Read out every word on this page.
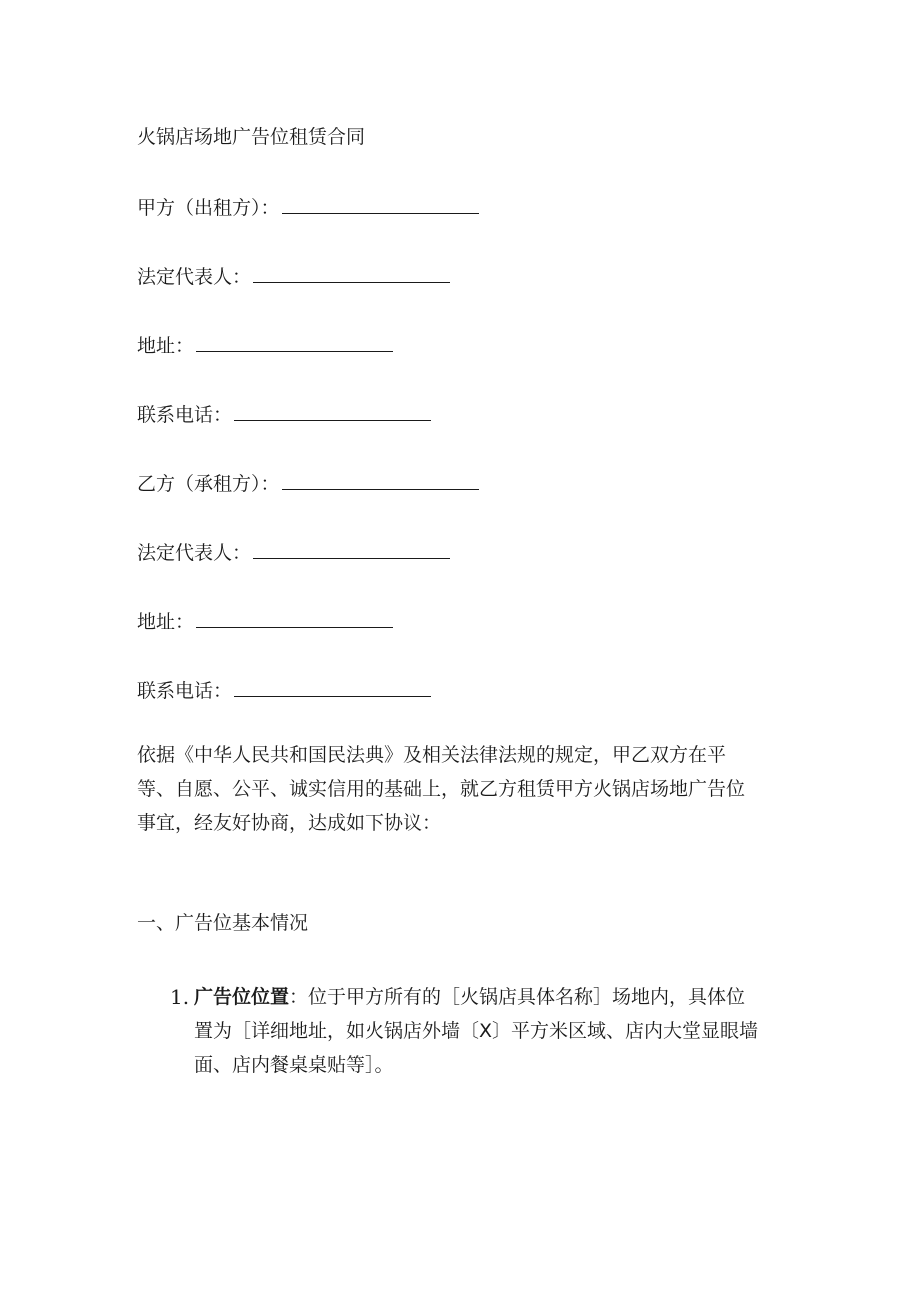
火锅店场地广告位租赁合同
甲方（出租方）：
法定代表人：
地址：
联系电话：
乙方（承租方）：
法定代表人：
地址：
联系电话：
依据《中华人民共和国民法典》及相关法律法规的规定，甲乙双方在平
等、自愿、公平、诚实信用的基础上，就乙方租赁甲方火锅店场地广告位
事宜，经友好协商，达成如下协议：
一、广告位基本情况
1. 广告位位置：位于甲方所有的［火锅店具体名称］场地内，具体位
置为［详细地址，如火锅店外墙〔X〕平方米区域、店内大堂显眼墙
面、店内餐桌桌贴等］。
